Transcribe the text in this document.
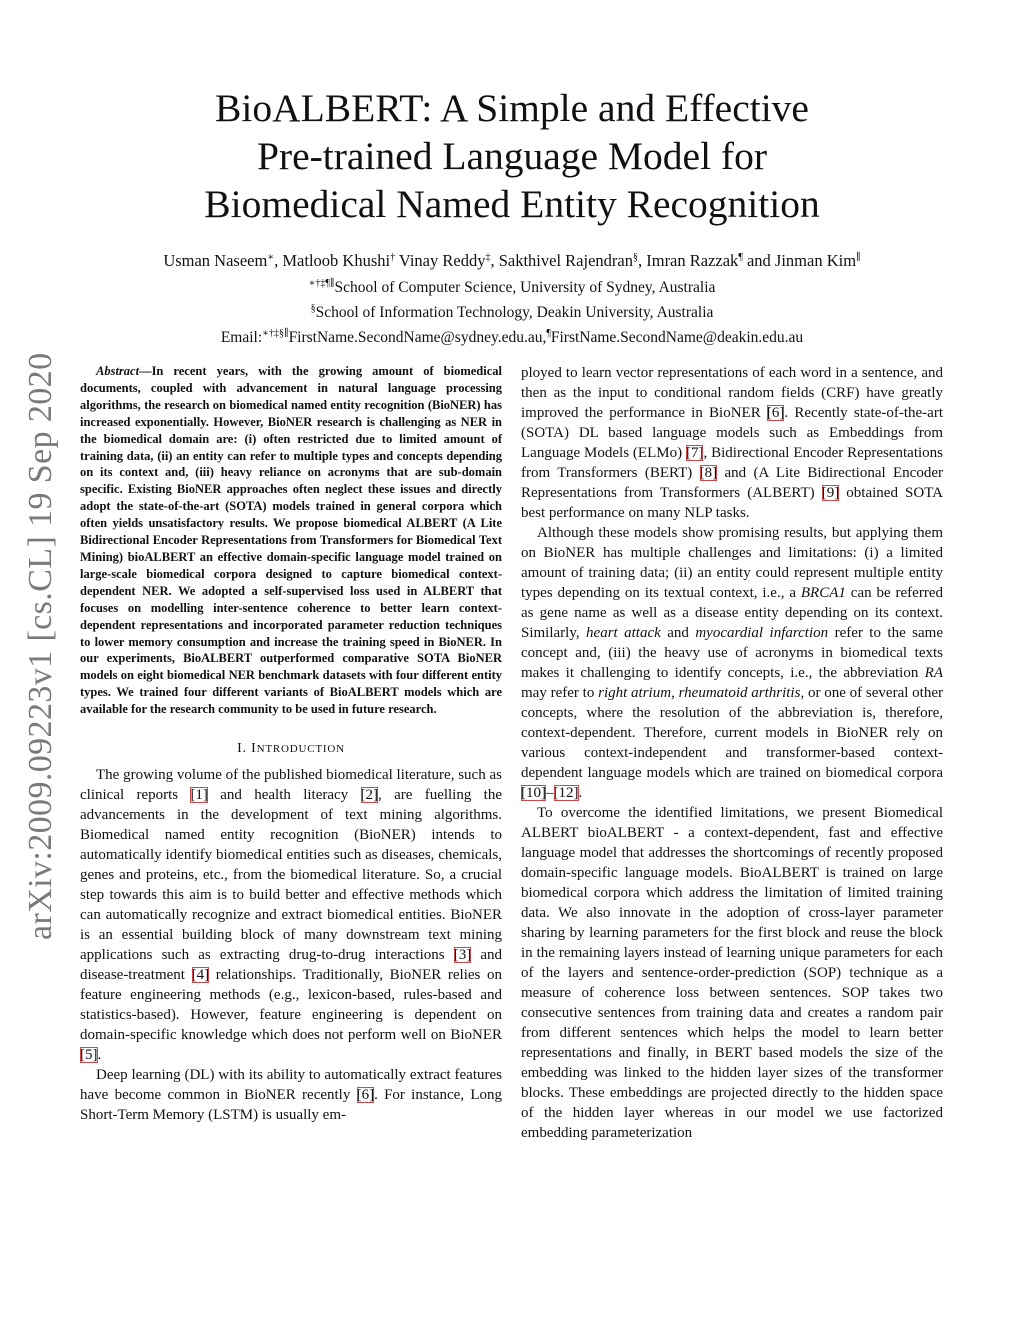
arXiv:2009.09223v1 [cs.CL] 19 Sep 2020
BioALBERT: A Simple and Effective
Pre-trained Language Model for
Biomedical Named Entity Recognition
Usman Naseem∗, Matloob Khushi† Vinay Reddy‡, Sakthivel Rajendran§, Imran Razzak¶ and Jinman Kim∥
∗†‡¶∥School of Computer Science, University of Sydney, Australia
§School of Information Technology, Deakin University, Australia
Email:∗†‡§∥FirstName.SecondName@sydney.edu.au,¶FirstName.SecondName@deakin.edu.au

Abstract—In recent years, with the growing amount of biomedical documents, coupled with advancement in natural language processing algorithms, the research on biomedical named entity recognition (BioNER) has increased exponentially. However, BioNER research is challenging as NER in the biomedical domain are: (i) often restricted due to limited amount of training data, (ii) an entity can refer to multiple types and concepts depending on its context and, (iii) heavy reliance on acronyms that are sub-domain specific. Existing BioNER approaches often neglect these issues and directly adopt the state-of-the-art (SOTA) models trained in general corpora which often yields unsatisfactory results. We propose biomedical ALBERT (A Lite Bidirectional Encoder Representations from Transformers for Biomedical Text Mining) bioALBERT an effective domain-specific language model trained on large-scale biomedical corpora designed to capture biomedical context-dependent NER. We adopted a self-supervised loss used in ALBERT that focuses on modelling inter-sentence coherence to better learn context-dependent representations and incorporated parameter reduction techniques to lower memory consumption and increase the training speed in BioNER. In our experiments, BioALBERT outperformed comparative SOTA BioNER models on eight biomedical NER benchmark datasets with four different entity types. We trained four different variants of BioALBERT models which are available for the research community to be used in future research.

I. INTRODUCTION

The growing volume of the published biomedical literature, such as clinical reports [1] and health literacy [2], are fuelling the advancements in the development of text mining algorithms. Biomedical named entity recognition (BioNER) intends to automatically identify biomedical entities such as diseases, chemicals, genes and proteins, etc., from the biomedical literature. So, a crucial step towards this aim is to build better and effective methods which can automatically recognize and extract biomedical entities. BioNER is an essential building block of many downstream text mining applications such as extracting drug-to-drug interactions [3] and disease-treatment [4] relationships. Traditionally, BioNER relies on feature engineering methods (e.g., lexicon-based, rules-based and statistics-based). However, feature engineering is dependent on domain-specific knowledge which does not perform well on BioNER [5].

Deep learning (DL) with its ability to automatically extract features have become common in BioNER recently [6]. For instance, Long Short-Term Memory (LSTM) is usually em-

ployed to learn vector representations of each word in a sentence, and then as the input to conditional random fields (CRF) have greatly improved the performance in BioNER [6]. Recently state-of-the-art (SOTA) DL based language models such as Embeddings from Language Models (ELMo) [7], Bidirectional Encoder Representations from Transformers (BERT) [8] and (A Lite Bidirectional Encoder Representations from Transformers (ALBERT) [9] obtained SOTA best performance on many NLP tasks.

Although these models show promising results, but applying them on BioNER has multiple challenges and limitations: (i) a limited amount of training data; (ii) an entity could represent multiple entity types depending on its textual context, i.e., a BRCA1 can be referred as gene name as well as a disease entity depending on its context. Similarly, heart attack and myocardial infarction refer to the same concept and, (iii) the heavy use of acronyms in biomedical texts makes it challenging to identify concepts, i.e., the abbreviation RA may refer to right atrium, rheumatoid arthritis, or one of several other concepts, where the resolution of the abbreviation is, therefore, context-dependent. Therefore, current models in BioNER rely on various context-independent and transformer-based context-dependent language models which are trained on biomedical corpora [10]–[12].

To overcome the identified limitations, we present Biomedical ALBERT bioALBERT - a context-dependent, fast and effective language model that addresses the shortcomings of recently proposed domain-specific language models. BioALBERT is trained on large biomedical corpora which address the limitation of limited training data. We also innovate in the adoption of cross-layer parameter sharing by learning parameters for the first block and reuse the block in the remaining layers instead of learning unique parameters for each of the layers and sentence-order-prediction (SOP) technique as a measure of coherence loss between sentences. SOP takes two consecutive sentences from training data and creates a random pair from different sentences which helps the model to learn better representations and finally, in BERT based models the size of the embedding was linked to the hidden layer sizes of the transformer blocks. These embeddings are projected directly to the hidden space of the hidden layer whereas in our model we use factorized embedding parameterization
